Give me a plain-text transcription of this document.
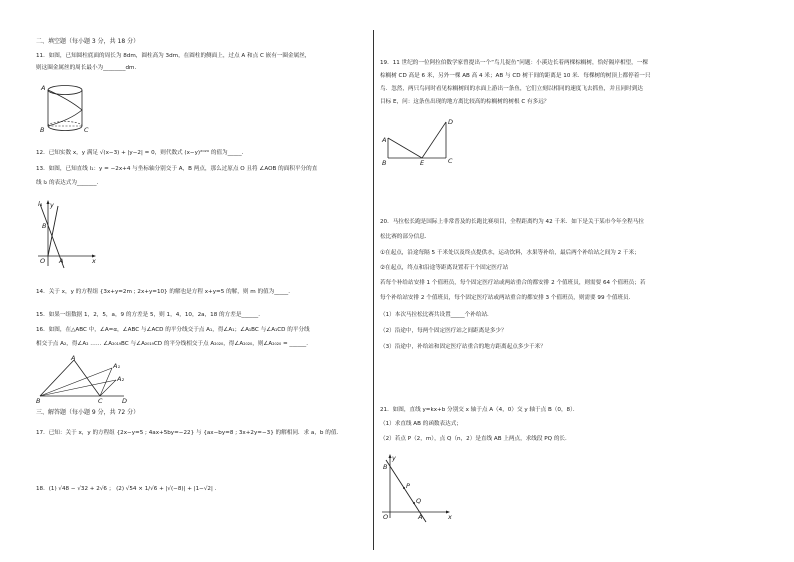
二、填空题（每小题 3 分，共 18 分）
11．如图，已知圆柱底面的周长为 8dm，圆柱高为 3dm，在圆柱的侧面上，过点 A 和点 C 嵌有一圈金属丝，
则这圈金属丝的周长最小为________dm．
A
B	C
12．已知实数 x，y 满足 √(x−3) + |y−2| = 0，则代数式 (x−y)²⁰²⁰ 的值为_____．
13．如图，已知直线 l₁：y = −2x+4 与坐标轴分别交于 A，B 两点，那么过原点 O 且将 ∠AOB 的面积平分的直
线 l₂ 的表达式为_______．
l₁ y
B
O A	x
14．关于 x，y 的方程组 {3x+y=2m ; 2x+y=10} 的解也是方程 x+y=5 的解，则 m 的值为_____．
15．如果一组数据 1，2，5，a，9 的方差是 5，则 1，4，10，2a，18 的方差是______．
16．如图，在△ABC 中，∠A=α，∠ABC 与∠ACD 的平分线交于点 A₁，得∠A₁；∠A₁BC 与∠A₁CD 的平分线
相交于点 A₂，得∠A₂ …… ∠A₂₀₁₉BC 与∠A₂₀₁₉CD 的平分线相交于点 A₂₀₂₀，得∠A₂₀₂₀，则∠A₂₀₂₀ = ______．
A
A₁
A₂
B	C	D
三、解答题（每小题 9 分，共 72 分）
17．已知：关于 x，y 的方程组 {2x−y=5 ; 4ax+5by=−22} 与 {ax−by=8 ; 3x+2y=−3} 的解相同．求 a，b 的值．
18．(1) √48 − √32 + 2√6 ； (2) √54 × 1/√6 + |√(−8)| + |1−√2| ．
19．11 世纪的一位阿拉伯数学家曾提出一个“鸟儿捉鱼”问题：小溪边长着两棵棕榈树，恰好隔岸相望，一棵
棕榈树 CD 高是 6 米，另外一棵 AB 高 4 米；AB 与 CD 树干间的距离是 10 米．每棵树的树顶上都停着一只
鸟．忽然，两只鸟同时看见棕榈树间的水面上游出一条鱼，它们立刻以相同的速度飞去抓鱼，并且同时到达
目标 E，问：这条鱼出现的地方离比较高的棕榈树的树根 C 有多远？
A
B	E	C
D
20．马拉松长跑是国际上非常普及的长跑比赛项目，全程距离约为 42 千米．如下是关于某市今年全程马拉
松比赛的部分信息．
①在起点，沿途每隔 5 千米处以及终点提供水，运动饮料，水果等补给，最后两个补给站之间为 2 千米；
②在起点，终点和沿途等距离设置若干个固定医疗站
若每个补给站安排 1 个值班员，每个固定医疗站或两站重合的都安排 2 个值班员，则需要 64 个值班员；若
每个补给站安排 2 个值班员，每个固定医疗站或两站重合的都安排 3 个值班员，则需要 99 个值班员．
（1）本次马拉松比赛共设置_____个补给站．
（2）沿途中，每两个固定医疗站之间距离是多少？
（3）沿途中，补给站和固定医疗站重合的地方距离起点多少千米？
21．如图，直线 y=kx+b 分别交 x 轴于点 A（4，0）交 y 轴于点 B（0，8）．
（1）求直线 AB 的函数表达式；
（2）若点 P（2，m），点 Q（n，2）是直线 AB 上两点，求线段 PQ 的长．
y
B
P
Q
O	A	x
